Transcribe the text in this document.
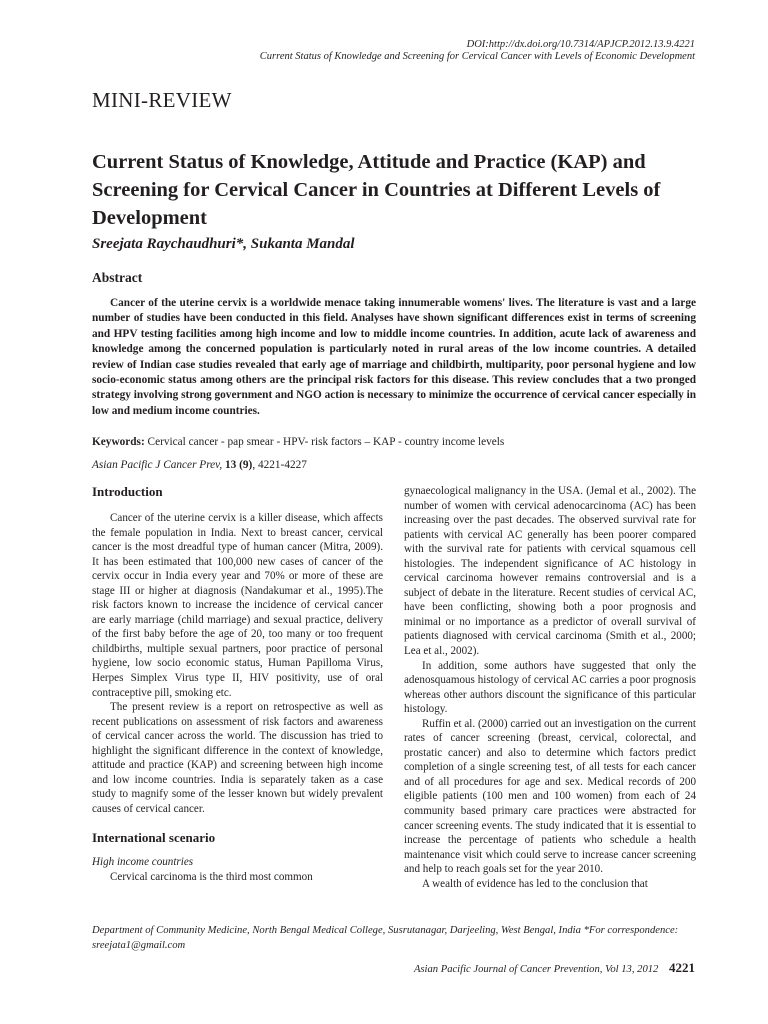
DOI:http://dx.doi.org/10.7314/APJCP.2012.13.9.4221
Current Status of Knowledge and Screening for Cervical Cancer with Levels of Economic Development
MINI-REVIEW
Current Status of Knowledge, Attitude and Practice (KAP) and Screening for Cervical Cancer in Countries at Different Levels of Development
Sreejata Raychaudhuri*, Sukanta Mandal
Abstract
Cancer of the uterine cervix is a worldwide menace taking innumerable womens' lives. The literature is vast and a large number of studies have been conducted in this field. Analyses have shown significant differences exist in terms of screening and HPV testing facilities among high income and low to middle income countries. In addition, acute lack of awareness and knowledge among the concerned population is particularly noted in rural areas of the low income countries. A detailed review of Indian case studies revealed that early age of marriage and childbirth, multiparity, poor personal hygiene and low socio-economic status among others are the principal risk factors for this disease. This review concludes that a two pronged strategy involving strong government and NGO action is necessary to minimize the occurrence of cervical cancer especially in low and medium income countries.
Keywords: Cervical cancer - pap smear - HPV- risk factors – KAP - country income levels
Asian Pacific J Cancer Prev, 13 (9), 4221-4227
Introduction

Cancer of the uterine cervix is a killer disease, which affects the female population in India. Next to breast cancer, cervical cancer is the most dreadful type of human cancer (Mitra, 2009). It has been estimated that 100,000 new cases of cancer of the cervix occur in India every year and 70% or more of these are stage III or higher at diagnosis (Nandakumar et al., 1995).The risk factors known to increase the incidence of cervical cancer are early marriage (child marriage) and sexual practice, delivery of the first baby before the age of 20, too many or too frequent childbirths, multiple sexual partners, poor practice of personal hygiene, low socio economic status, Human Papilloma Virus, Herpes Simplex Virus type II, HIV positivity, use of oral contraceptive pill, smoking etc.

The present review is a report on retrospective as well as recent publications on assessment of risk factors and awareness of cervical cancer across the world. The discussion has tried to highlight the significant difference in the context of knowledge, attitude and practice (KAP) and screening between high income and low income countries. India is separately taken as a case study to magnify some of the lesser known but widely prevalent causes of cervical cancer.

International scenario
High income countries

Cervical carcinoma is the third most common

gynaecological malignancy in the USA. (Jemal et al., 2002). The number of women with cervical adenocarcinoma (AC) has been increasing over the past decades. The observed survival rate for patients with cervical AC generally has been poorer compared with the survival rate for patients with cervical squamous cell histologies. The independent significance of AC histology in cervical carcinoma however remains controversial and is a subject of debate in the literature. Recent studies of cervical AC, have been conflicting, showing both a poor prognosis and minimal or no importance as a predictor of overall survival of patients diagnosed with cervical carcinoma (Smith et al., 2000; Lea et al., 2002).

In addition, some authors have suggested that only the adenosquamous histology of cervical AC carries a poor prognosis whereas other authors discount the significance of this particular histology.

Ruffin et al. (2000) carried out an investigation on the current rates of cancer screening (breast, cervical, colorectal, and prostatic cancer) and also to determine which factors predict completion of a single screening test, of all tests for each cancer and of all procedures for age and sex. Medical records of 200 eligible patients (100 men and 100 women) from each of 24 community based primary care practices were abstracted for cancer screening events. The study indicated that it is essential to increase the percentage of patients who schedule a health maintenance visit which could serve to increase cancer screening and help to reach goals set for the year 2010.

A wealth of evidence has led to the conclusion that

Department of Community Medicine, North Bengal Medical College, Susrutanagar, Darjeeling, West Bengal, India *For correspondence: sreejata1@gmail.com
Asian Pacific Journal of Cancer Prevention, Vol 13, 2012 4221
